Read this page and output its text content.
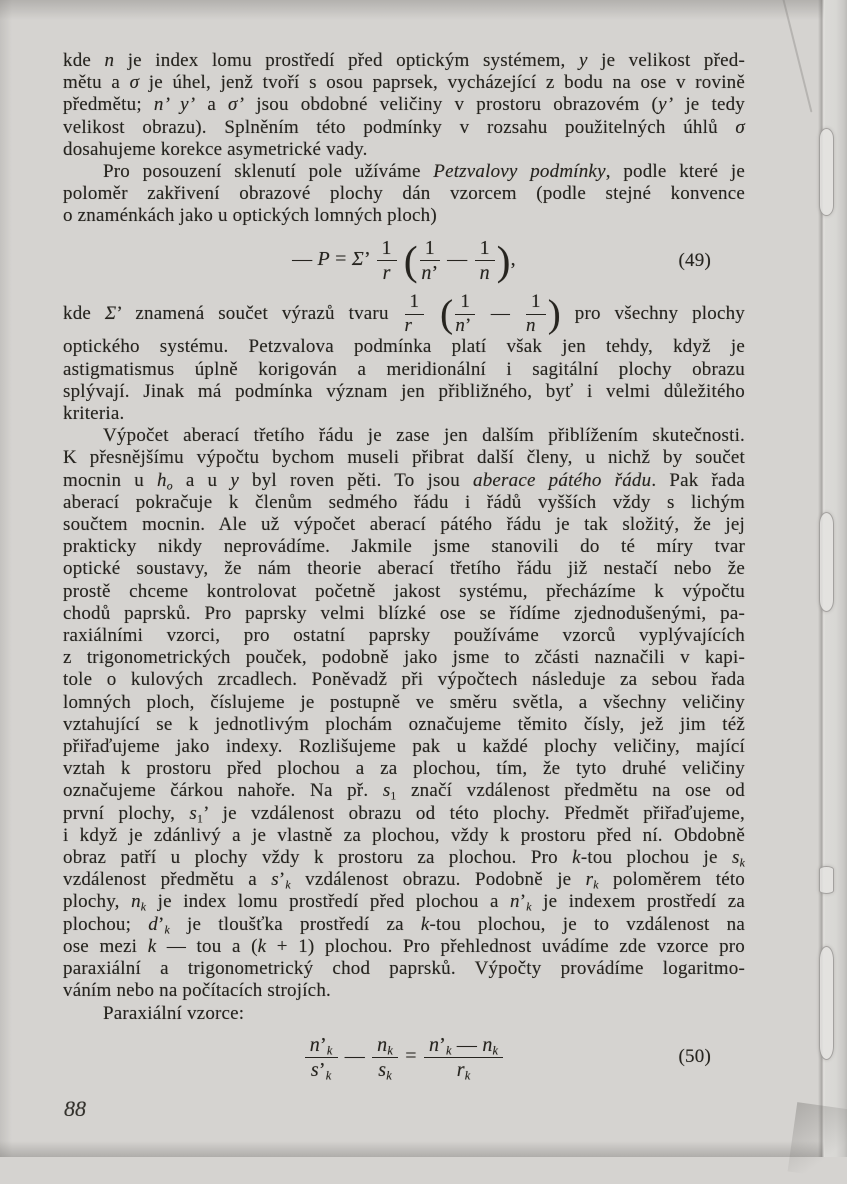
kde n je index lomu prostředí před optickým systémem, y je velikost před-
mětu a σ je úhel, jenž tvoří s osou paprsek, vycházející z bodu na ose v rovině
předmětu; n’ y’ a σ’ jsou obdobné veličiny v prostoru obrazovém (y’ je tedy
velikost obrazu). Splněním této podmínky v rozsahu použitelných úhlů σ
dosahujeme korekce asymetrické vady.
Pro posouzení sklenutí pole užíváme Petzvalovy podmínky, podle které je
poloměr zakřivení obrazové plochy dán vzorcem (podle stejné konvence
o znaménkách jako u optických lomných ploch)
— P = Σ’ $\frac{1}{r}$ ( $\frac{1}{n’}$ — $\frac{1}{n}$ ),	(49)
kde Σ’ znamená součet výrazů tvaru $\frac{1}{r}$ ( $\frac{1}{n’}$ — $\frac{1}{n}$ ) pro všechny plochy
optického systému. Petzvalova podmínka platí však jen tehdy, když je
astigmatismus úplně korigován a meridionální i sagitální plochy obrazu
splývají. Jinak má podmínka význam jen přibližného, byť i velmi důležitého
kriteria.
Výpočet aberací třetího řádu je zase jen dalším přiblížením skutečnosti.
K přesnějšímu výpočtu bychom museli přibrat další členy, u nichž by součet
mocnin u $h_o$ a u y byl roven pěti. To jsou aberace pátého řádu. Pak řada
aberací pokračuje k členům sedmého řádu i řádů vyšších vždy s lichým
součtem mocnin. Ale už výpočet aberací pátého řádu je tak složitý, že jej
prakticky nikdy neprovádíme. Jakmile jsme stanovili do té míry tvar
optické soustavy, že nám theorie aberací třetího řádu již nestačí nebo že
prostě chceme kontrolovat početně jakost systému, přecházíme k výpočtu
chodů paprsků. Pro paprsky velmi blízké ose se řídíme zjednodušenými, pa-
raxiálními vzorci, pro ostatní paprsky používáme vzorců vyplývajících
z trigonometrických pouček, podobně jako jsme to zčásti naznačili v kapi-
tole o kulových zrcadlech. Poněvadž při výpočtech následuje za sebou řada
lomných ploch, číslujeme je postupně ve směru světla, a všechny veličiny
vztahující se k jednotlivým plochám označujeme těmito čísly, jež jim též
přiřaďujeme jako indexy. Rozlišujeme pak u každé plochy veličiny, mající
vztah k prostoru před plochou a za plochou, tím, že tyto druhé veličiny
označujeme čárkou nahoře. Na př. $s_1$ značí vzdálenost předmětu na ose od
první plochy, $s_1$’ je vzdálenost obrazu od této plochy. Předmět přiřaďujeme,
i když je zdánlivý a je vlastně za plochou, vždy k prostoru před ní. Obdobně
obraz patří u plochy vždy k prostoru za plochou. Pro k-tou plochou je $s_k$
vzdálenost předmětu a $s’_k$ vzdálenost obrazu. Podobně je $r_k$ poloměrem této
plochy, $n_k$ je index lomu prostředí před plochou a $n’_k$ je indexem prostředí za
plochou; $d’_k$ je tloušťka prostředí za k-tou plochou, je to vzdálenost na
ose mezi k — tou a (k + 1) plochou. Pro přehlednost uvádíme zde vzorce pro
paraxiální a trigonometrický chod paprsků. Výpočty provádíme logaritmo-
váním nebo na počítacích strojích.
Paraxiální vzorce:
$\frac{n’_k}{s’_k}$ — $\frac{n_k}{s_k} = \frac{n’_k — n_k}{r_k}$	(50)
88
